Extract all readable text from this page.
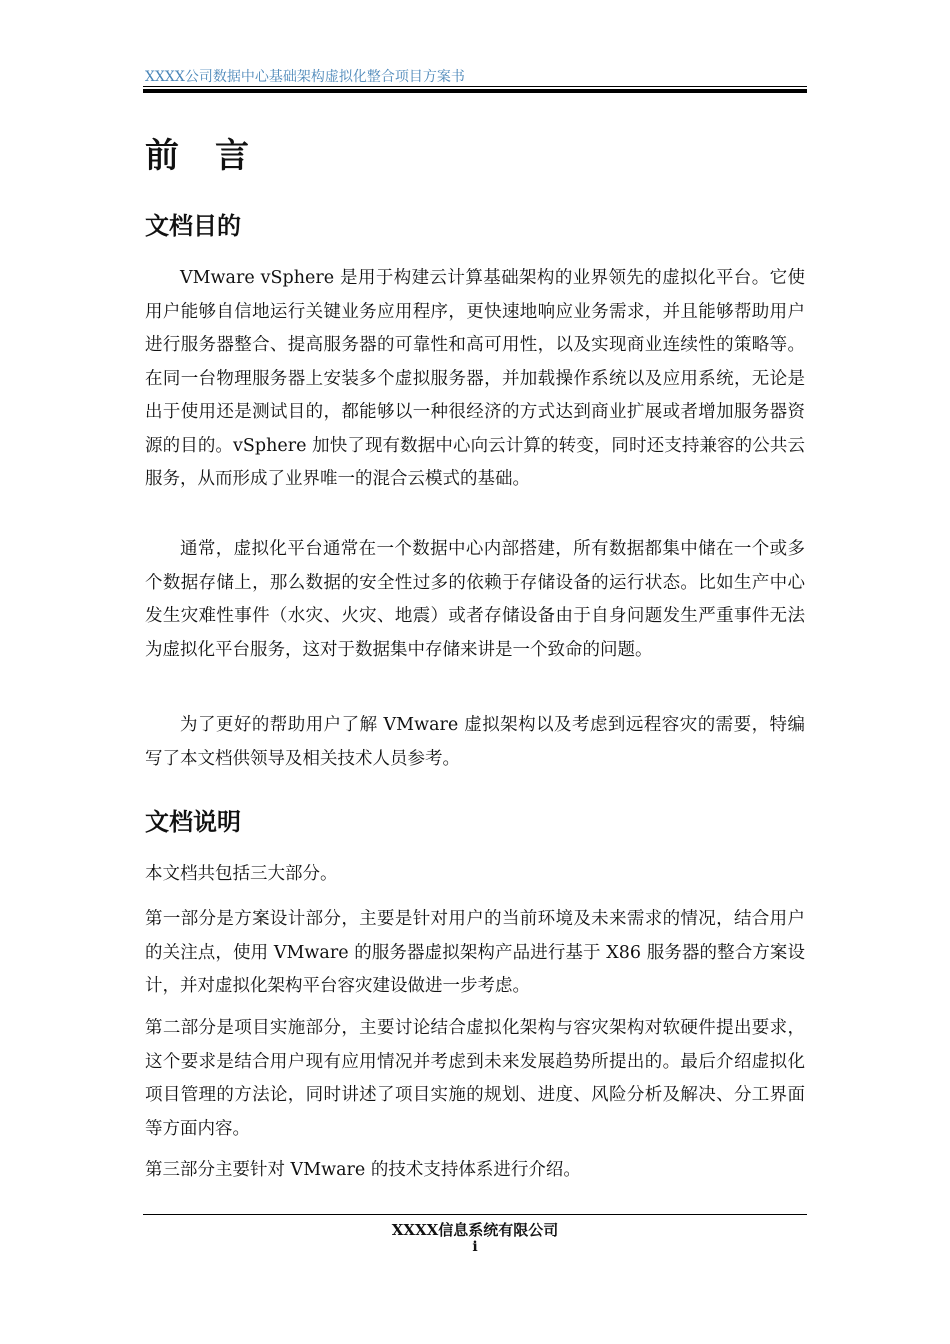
XXXX公司数据中心基础架构虚拟化整合项目方案书
前言
文档目的

VMware vSphere 是用于构建云计算基础架构的业界领先的虚拟化平台。它使用户能够自信地运行关键业务应用程序，更快速地响应业务需求，并且能够帮助用户进行服务器整合、提高服务器的可靠性和高可用性，以及实现商业连续性的策略等。在同一台物理服务器上安装多个虚拟服务器，并加载操作系统以及应用系统，无论是出于使用还是测试目的，都能够以一种很经济的方式达到商业扩展或者增加服务器资源的目的。vSphere 加快了现有数据中心向云计算的转变，同时还支持兼容的公共云服务，从而形成了业界唯一的混合云模式的基础。

通常，虚拟化平台通常在一个数据中心内部搭建，所有数据都集中储在一个或多个数据存储上，那么数据的安全性过多的依赖于存储设备的运行状态。比如生产中心发生灾难性事件（水灾、火灾、地震）或者存储设备由于自身问题发生严重事件无法为虚拟化平台服务，这对于数据集中存储来讲是一个致命的问题。

为了更好的帮助用户了解 VMware 虚拟架构以及考虑到远程容灾的需要，特编写了本文档供领导及相关技术人员参考。

文档说明

本文档共包括三大部分。

第一部分是方案设计部分，主要是针对用户的当前环境及未来需求的情况，结合用户的关注点，使用 VMware 的服务器虚拟架构产品进行基于 X86 服务器的整合方案设计，并对虚拟化架构平台容灾建设做进一步考虑。

第二部分是项目实施部分，主要讨论结合虚拟化架构与容灾架构对软硬件提出要求，这个要求是结合用户现有应用情况并考虑到未来发展趋势所提出的。最后介绍虚拟化项目管理的方法论，同时讲述了项目实施的规划、进度、风险分析及解决、分工界面等方面内容。

第三部分主要针对 VMware 的技术支持体系进行介绍。

XXXX信息系统有限公司
i
